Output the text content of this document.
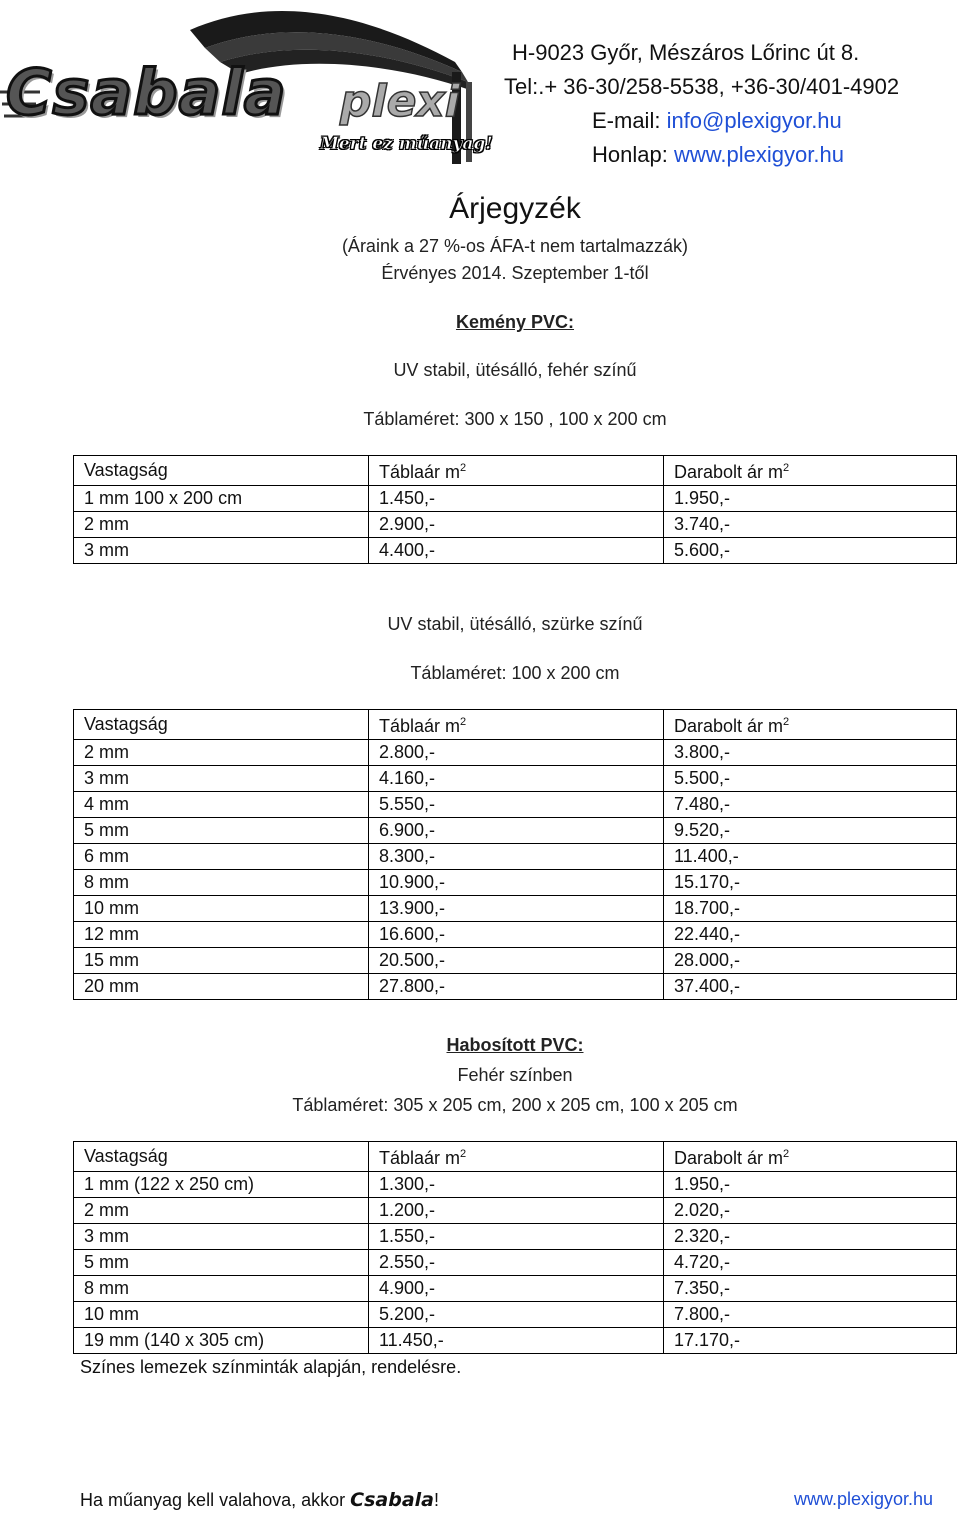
Csabala plexi
Mert ez műanyag!
H-9023 Győr, Mészáros Lőrinc út 8.
Tel:.+ 36-30/258-5538, +36-30/401-4902
E-mail: info@plexigyor.hu
Honlap: www.plexigyor.hu
Árjegyzék
(Áraink a 27 %-os ÁFA-t nem tartalmazzák)
Érvényes 2014. Szeptember 1-től
Kemény PVC:
UV stabil, ütésálló, fehér színű
Táblaméret: 300 x 150 , 100 x 200 cm
Vastagság	Táblaár $m^2$	Darabolt ár $m^2$
1 mm 100 x 200 cm	1.450,-	1.950,-
2 mm	2.900,-	3.740,-
3 mm	4.400,-	5.600,-
UV stabil, ütésálló, szürke színű
Táblaméret: 100 x 200 cm
Vastagság	Táblaár $m^2$	Darabolt ár $m^2$
2 mm	2.800,-	3.800,-
3 mm	4.160,-	5.500,-
4 mm	5.550,-	7.480,-
5 mm	6.900,-	9.520,-
6 mm	8.300,-	11.400,-
8 mm	10.900,-	15.170,-
10 mm	13.900,-	18.700,-
12 mm	16.600,-	22.440,-
15 mm	20.500,-	28.000,-
20 mm	27.800,-	37.400,-
Habosított PVC:
Fehér színben
Táblaméret: 305 x 205 cm, 200 x 205 cm, 100 x 205 cm
Vastagság	Táblaár $m^2$	Darabolt ár $m^2$
1 mm (122 x 250 cm)	1.300,-	1.950,-
2 mm	1.200,-	2.020,-
3 mm	1.550,-	2.320,-
5 mm	2.550,-	4.720,-
8 mm	4.900,-	7.350,-
10 mm	5.200,-	7.800,-
19 mm (140 x 305 cm)	11.450,-	17.170,-
Színes lemezek színminták alapján, rendelésre.
Ha műanyag kell valahova, akkor Csabala!	www.plexigyor.hu
